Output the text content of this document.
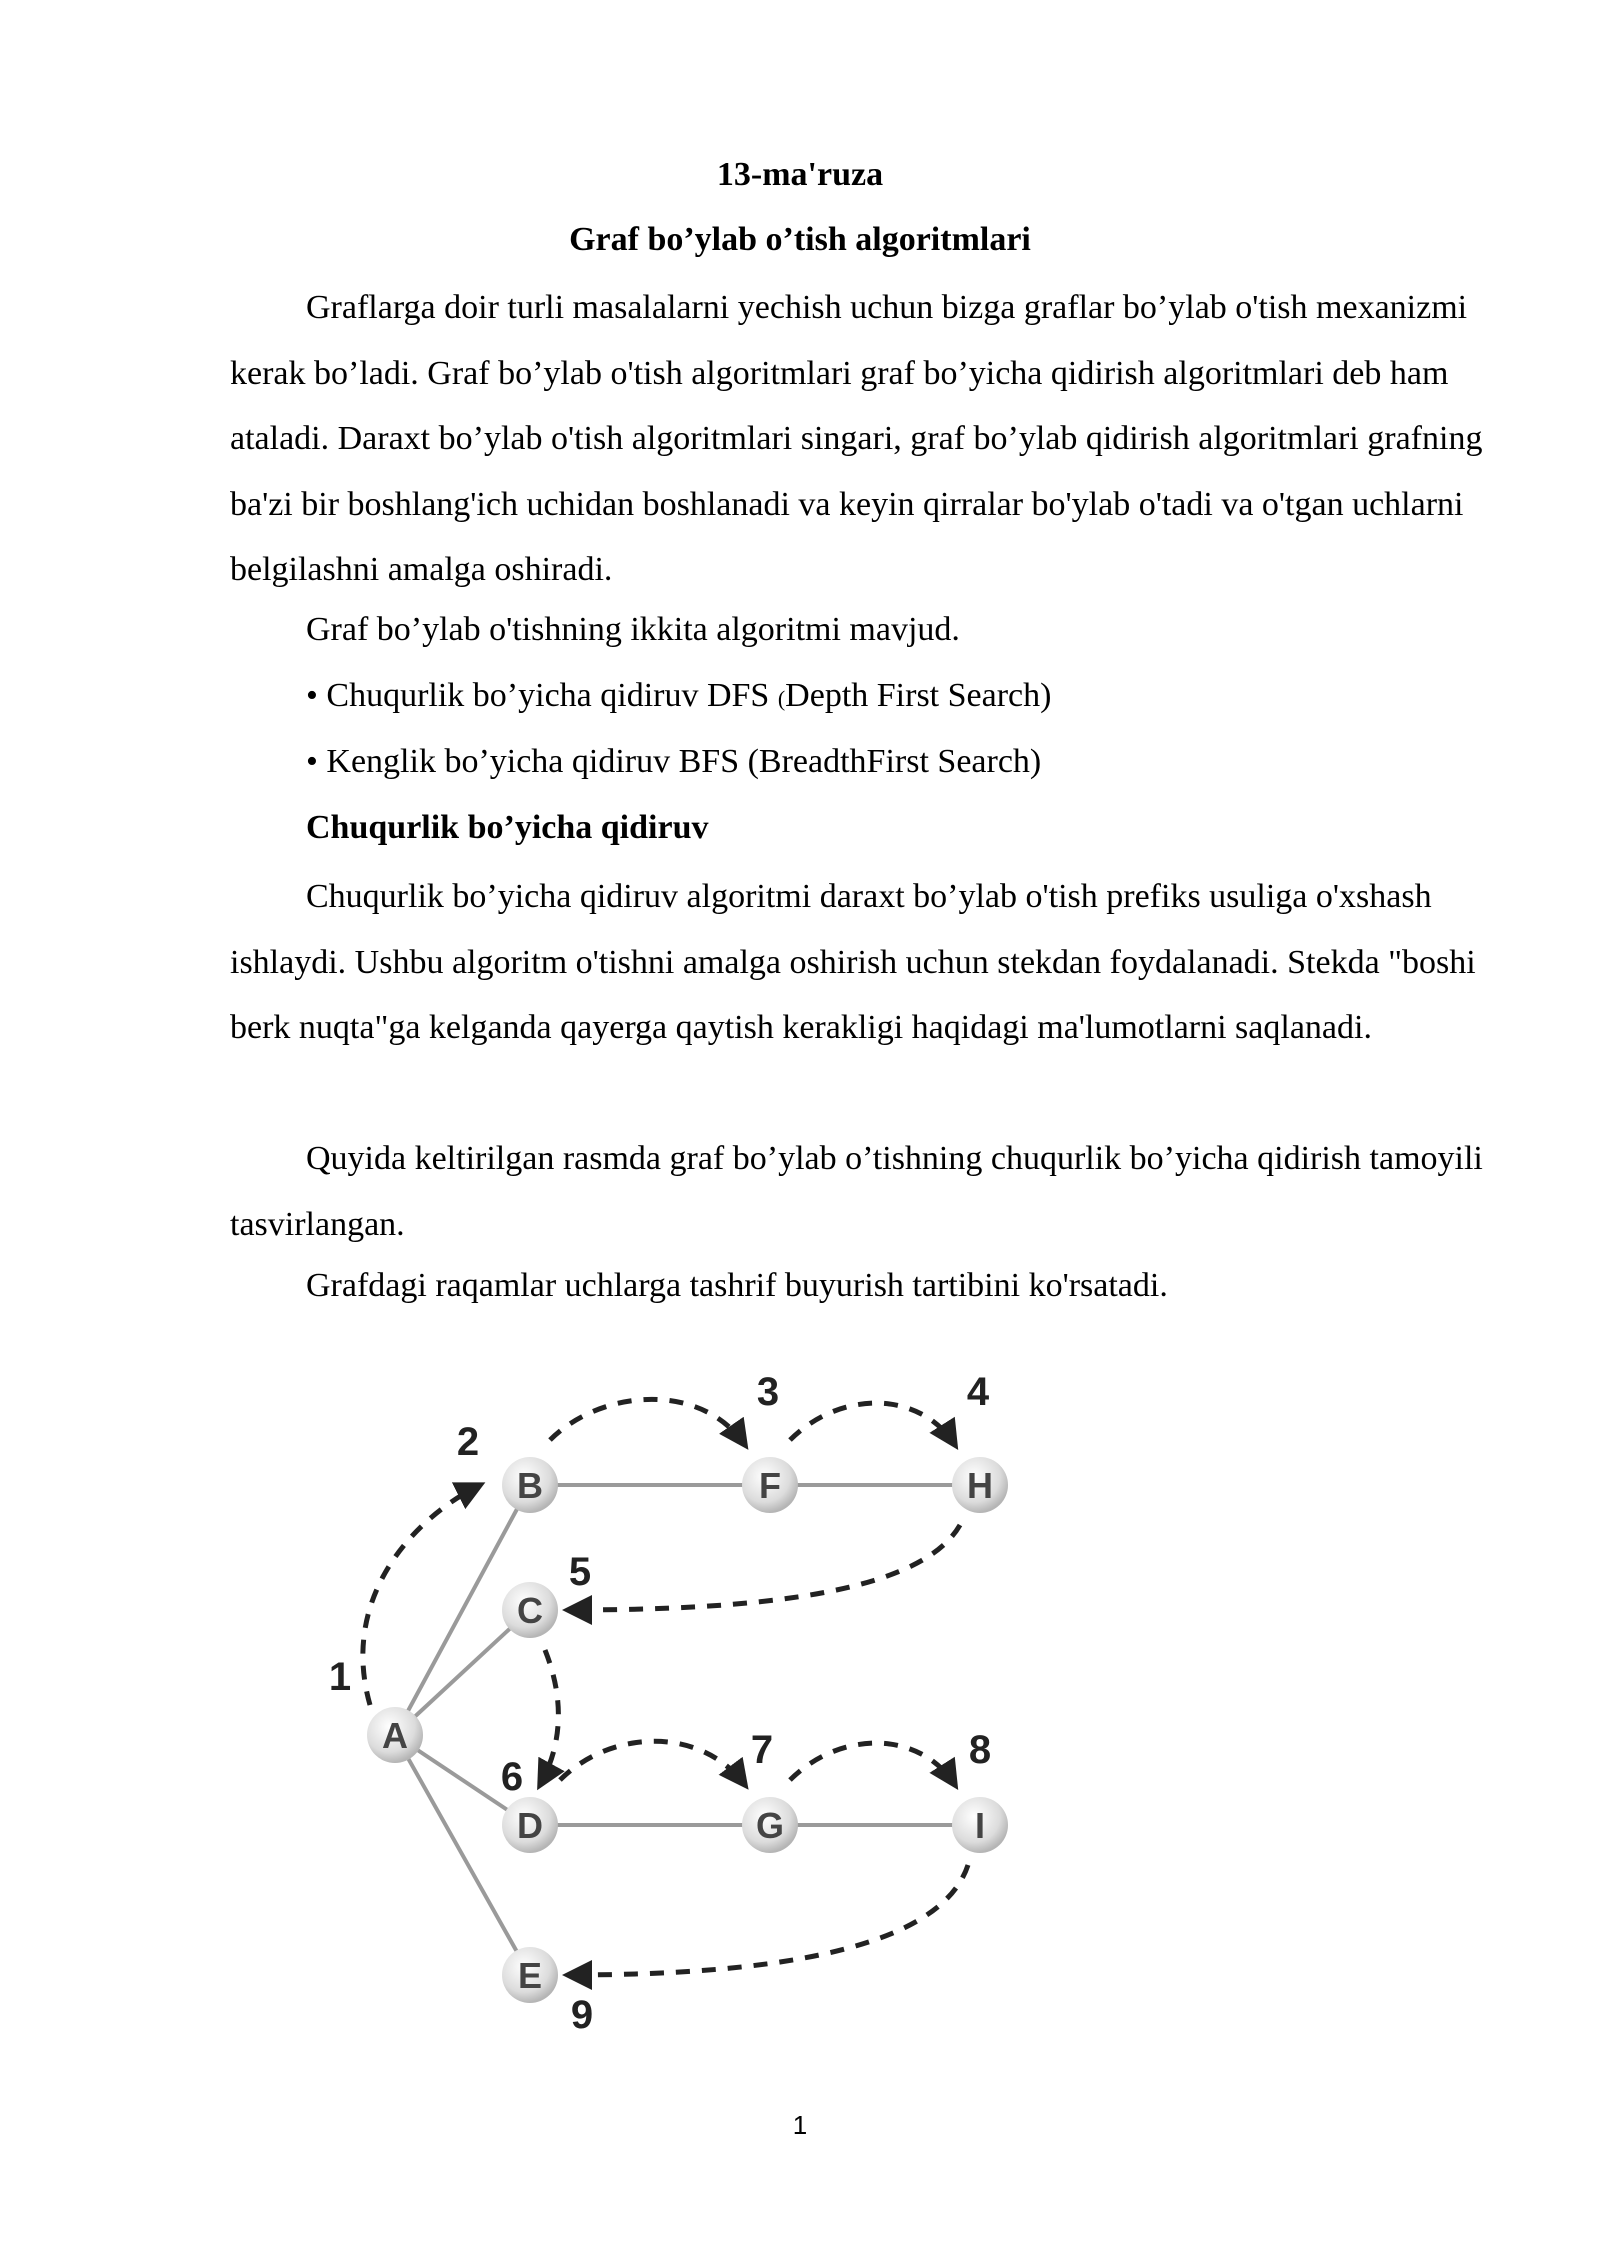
13-ma'ruza

Graf bo’ylab o’tish algoritmlari

Graflarga doir turli masalalarni yechish uchun bizga graflar bo’ylab o'tish mexanizmi kerak bo’ladi. Graf bo’ylab o'tish algoritmlari graf bo’yicha qidirish algoritmlari deb ham ataladi. Daraxt bo’ylab o'tish algoritmlari singari, graf bo’ylab qidirish algoritmlari grafning ba'zi bir boshlang'ich uchidan boshlanadi va keyin qirralar bo'ylab o'tadi va o'tgan uchlarni belgilashni amalga oshiradi.

Graf bo’ylab o'tishning ikkita algoritmi mavjud.

• Chuqurlik bo’yicha qidiruv DFS (Depth First Search)

• Kenglik bo’yicha qidiruv BFS (BreadthFirst Search)

Chuqurlik bo’yicha qidiruv

Chuqurlik bo’yicha qidiruv algoritmi daraxt bo’ylab o'tish prefiks usuliga o'xshash ishlaydi. Ushbu algoritm o'tishni amalga oshirish uchun stekdan foydalanadi. Stekda "boshi berk nuqta"ga kelganda qayerga qaytish kerakligi haqidagi ma'lumotlarni saqlanadi.

Quyida keltirilgan rasmda graf bo’ylab o’tishning chuqurlik bo’yicha qidirish tamoyili tasvirlangan.

Grafdagi raqamlar uchlarga tashrif buyurish tartibini ko'rsatadi.

A
B
C
D
E
F
G
H
I
1
2
3	4
5
6
7	8
9
1
